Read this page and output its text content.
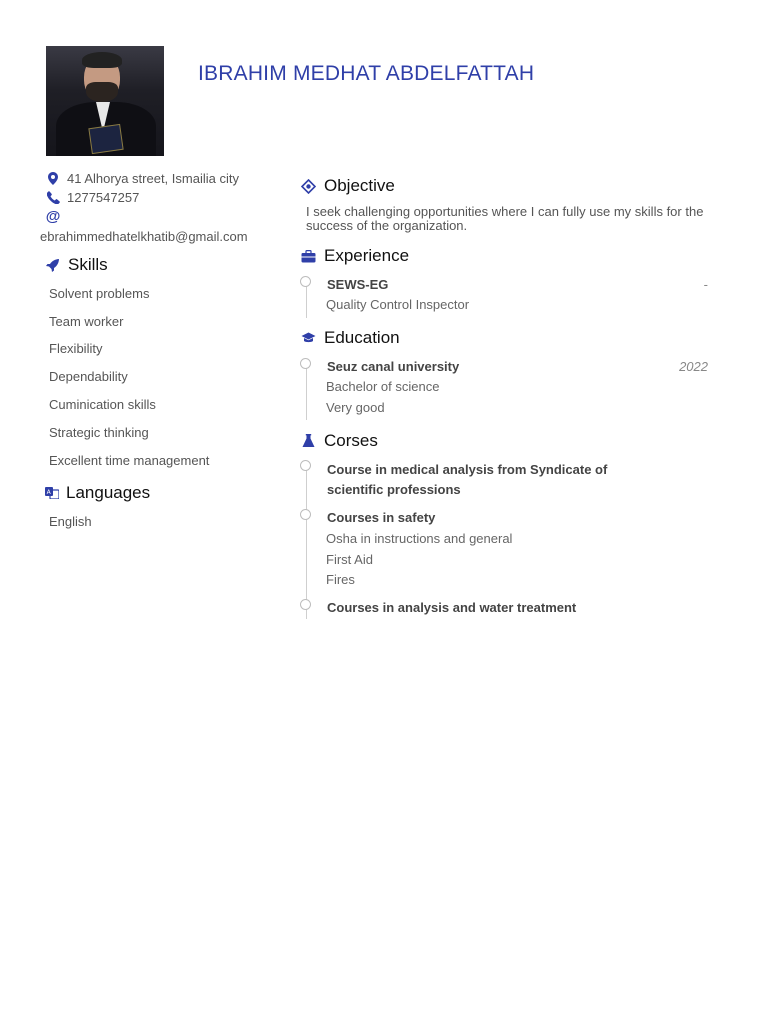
IBRAHIM MEDHAT ABDELFATTAH
41 Alhorya street, Ismailia city
1277547257
@
ebrahimmedhatelkhatib@gmail.com
Skills
Solvent problems
Team worker
Flexibility
Dependability
Cuminication skills
Strategic thinking
Excellent time management
A Languages
English
Objective
I seek challenging opportunities where I can fully use my skills for the success of the organization.
Experience
SEWS-EG	-
Quality Control Inspector
Education
Seuz canal university	2022
Bachelor of science
Very good
Corses
Course in medical analysis from Syndicate of scientific professions
Courses in safety
Osha in instructions and general
First Aid
Fires
Courses in analysis and water treatment
